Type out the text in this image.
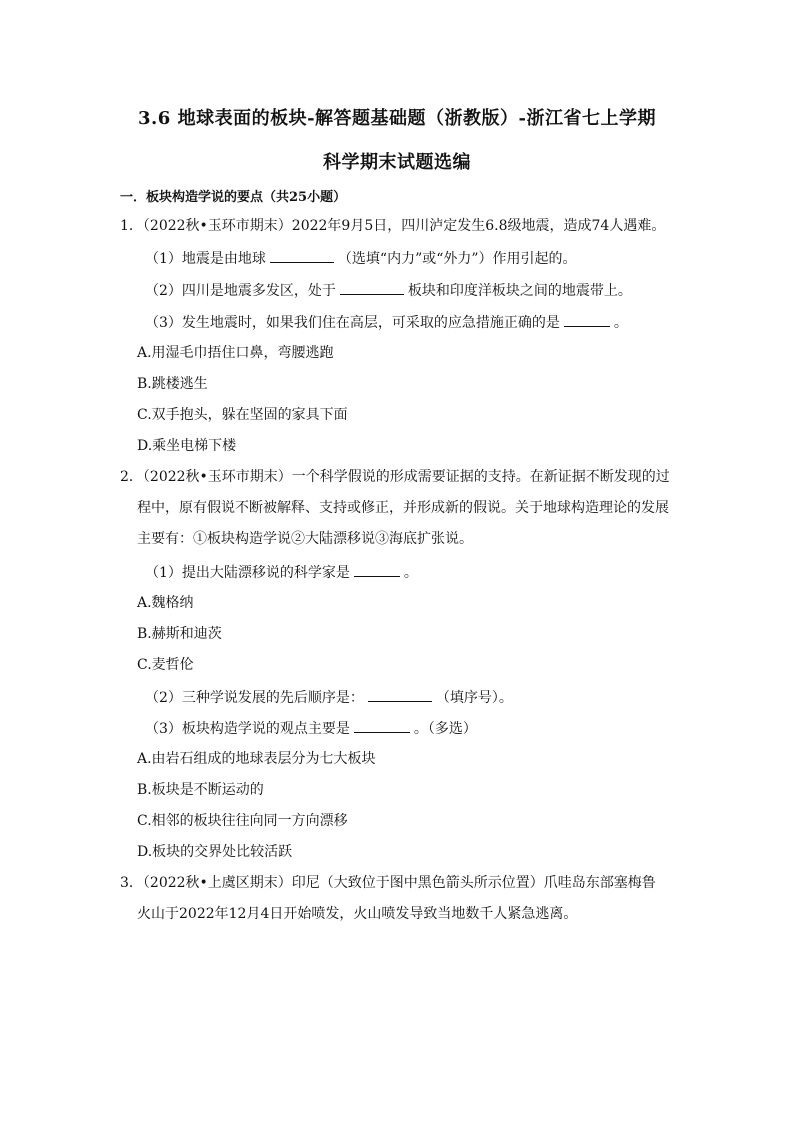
3.6 地球表面的板块-解答题基础题（浙教版）-浙江省七上学期
科学期末试题选编
一．板块构造学说的要点（共25小题）
1．（2022秋•玉环市期末）2022年9月5日，四川泸定发生6.8级地震，造成74人遇难。
（1）地震是由地球	（选填“内力”或“外力”）作用引起的。
（2）四川是地震多发区，处于	板块和印度洋板块之间的地震带上。
（3）发生地震时，如果我们住在高层，可采取的应急措施正确的是	。
A.用湿毛巾捂住口鼻，弯腰逃跑
B.跳楼逃生
C.双手抱头，躲在坚固的家具下面
D.乘坐电梯下楼
2．（2022秋•玉环市期末）一个科学假说的形成需要证据的支持。在新证据不断发现的过
程中，原有假说不断被解释、支持或修正，并形成新的假说。关于地球构造理论的发展
主要有：①板块构造学说②大陆漂移说③海底扩张说。
（1）提出大陆漂移说的科学家是	。
A.魏格纳
B.赫斯和迪茨
C.麦哲伦
（2）三种学说发展的先后顺序是：	（填序号）。
（3）板块构造学说的观点主要是	。（多选）
A.由岩石组成的地球表层分为七大板块
B.板块是不断运动的
C.相邻的板块往往向同一方向漂移
D.板块的交界处比较活跃
3．（2022秋•上虞区期末）印尼（大致位于图中黑色箭头所示位置）爪哇岛东部塞梅鲁
火山于2022年12月4日开始喷发，火山喷发导致当地数千人紧急逃离。
